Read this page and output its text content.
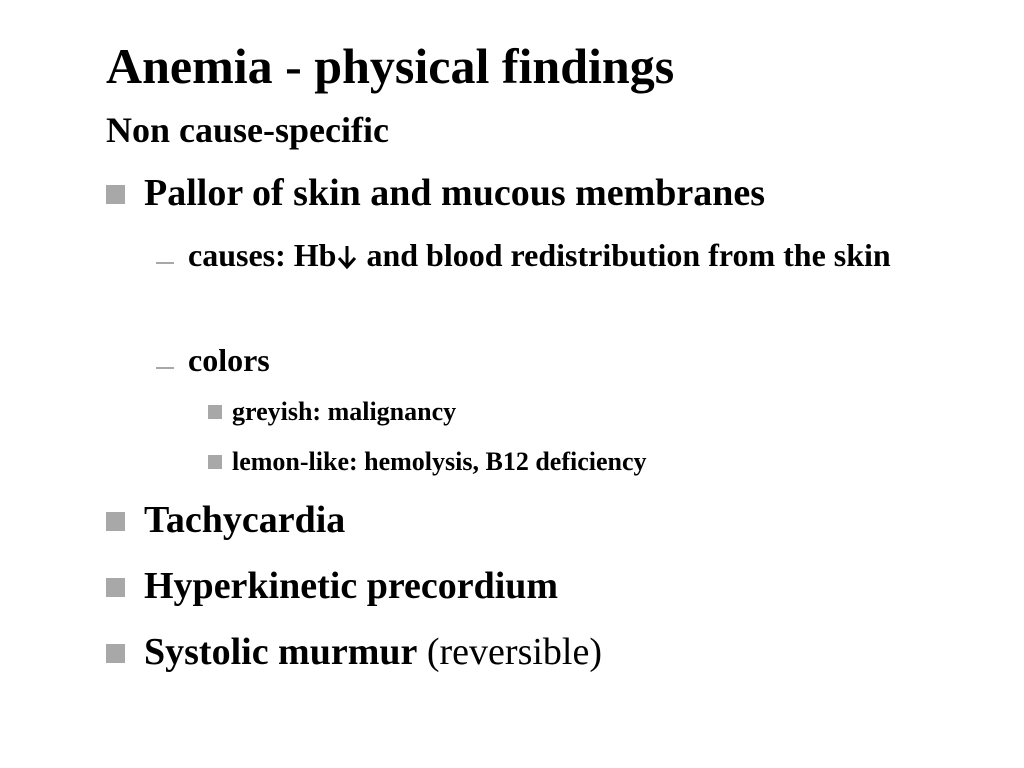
Anemia - physical findings
Non cause-specific
Pallor of skin and mucous membranes
causes: Hb and blood redistribution from the skin
colors
greyish: malignancy
lemon-like: hemolysis, B12 deficiency
Tachycardia
Hyperkinetic precordium
Systolic murmur (reversible)
